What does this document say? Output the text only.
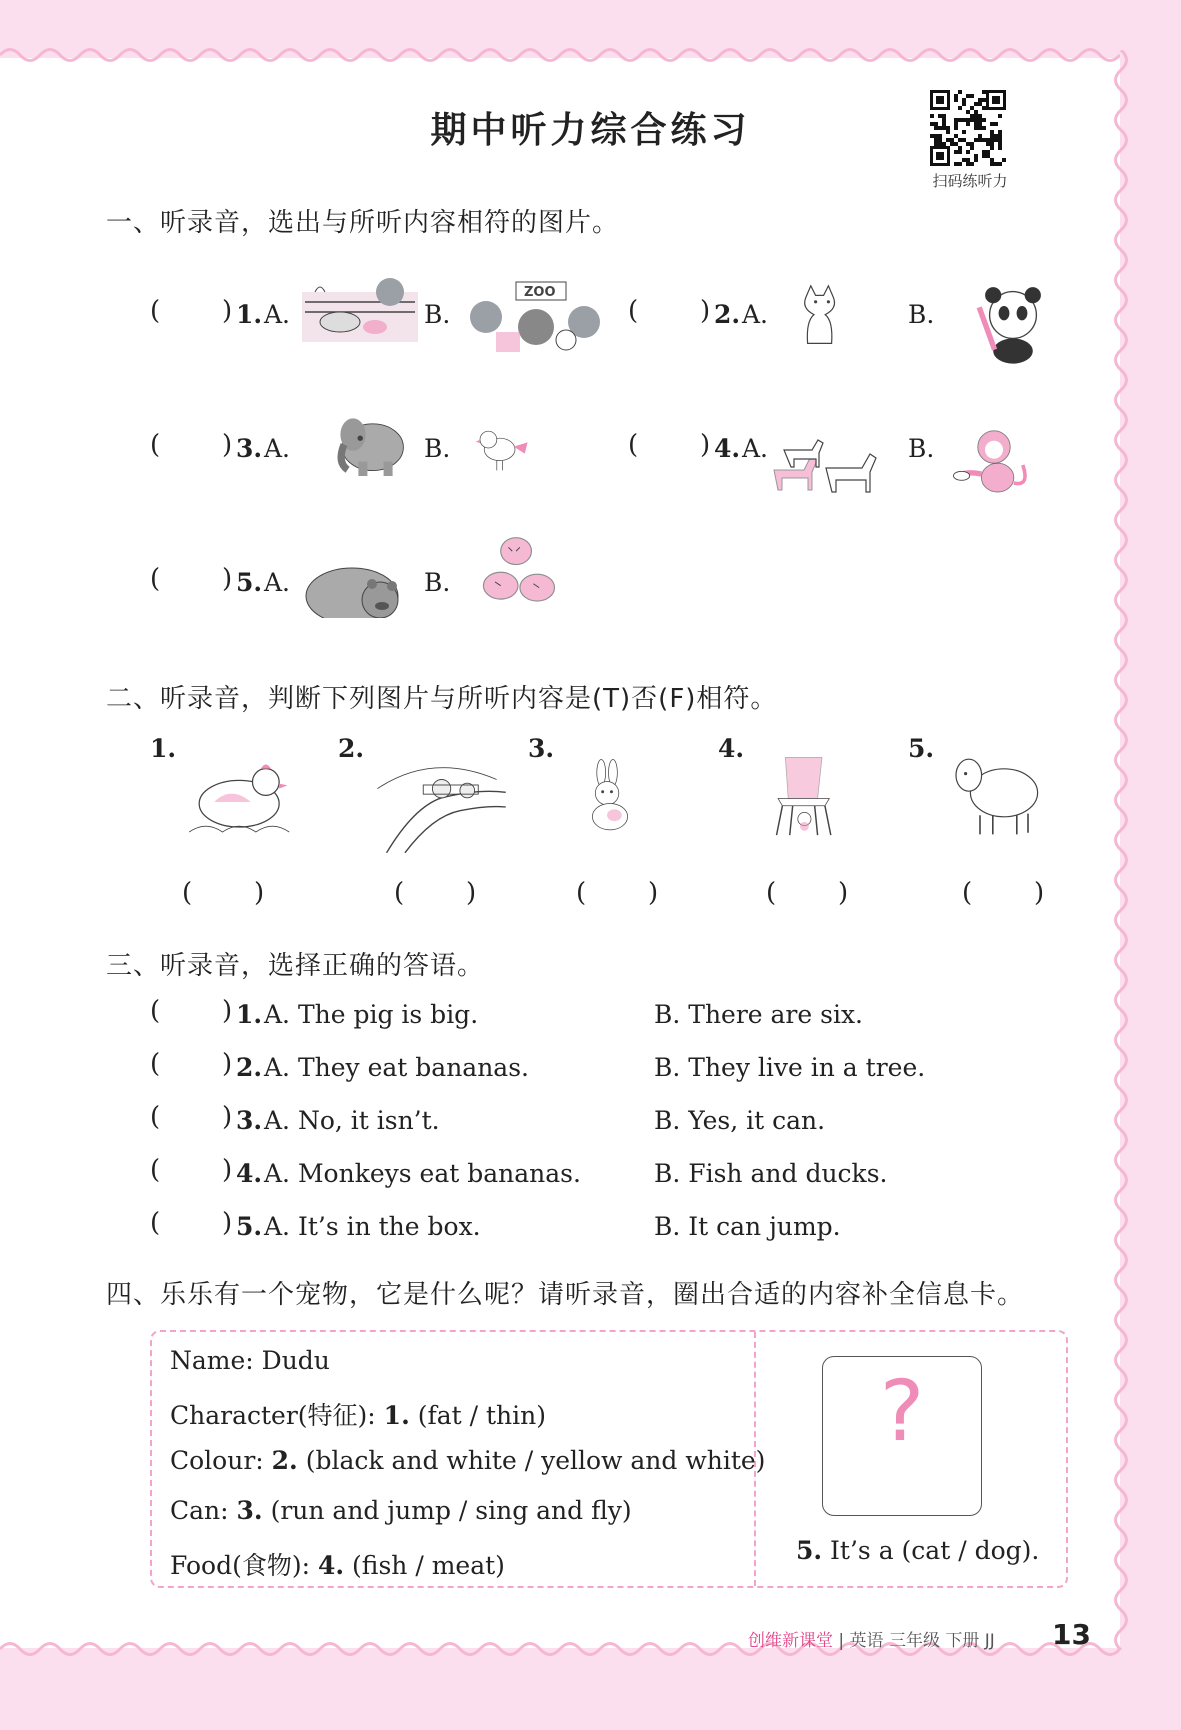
期中听力综合练习
扫码练听力
一、听录音，选出与所听内容相符的图片。
( ) 1. A.	B.
ZOO
( ) 2. A.	B.
( ) 3. A.	B.	( ) 4. A.	B.
( ) 5. A.	B.
二、听录音，判断下列图片与所听内容是(T)否(F)相符。
1.
( )
2.
( )
3.
( )
4.
( )
5.
( )
三、听录音，选择正确的答语。
( ) 1. A. The pig is big.	B. There are six.
( ) 2. A. They eat bananas.	B. They live in a tree.
( ) 3. A. No, it isn’t.	B. Yes, it can.
( ) 4. A. Monkeys eat bananas.	B. Fish and ducks.
( ) 5. A. It’s in the box.	B. It can jump.
四、乐乐有一个宠物，它是什么呢？请听录音，圈出合适的内容补全信息卡。
Name: Dudu
Character(特征): 1. (fat / thin)
Colour: 2. (black and white / yellow and white)
Can: 3. (run and jump / sing and fly)
Food(食物): 4. (fish / meat)
?
5. It’s a (cat / dog).
创维新课堂 | 英语 三年级 下册 JJ 13
